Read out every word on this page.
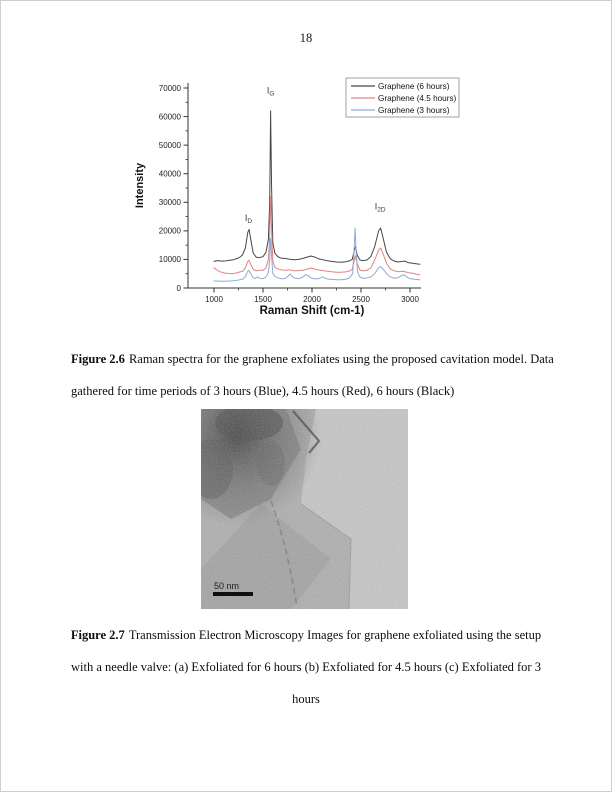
18
0
10000
20000
30000
40000
50000
60000
70000
1000	1500	2000	2500	3000
Intensity
Raman Shift (cm-1)
$I_D$
$I_G$
$I_{2D}$
Graphene (6 hours)
Graphene (4.5 hours)
Graphene (3 hours)

Figure 2.6 Raman spectra for the graphene exfoliates using the proposed cavitation model. Data
gathered for time periods of 3 hours (Blue), 4.5 hours (Red), 6 hours (Black)

50 nm

Figure 2.7 Transmission Electron Microscopy Images for graphene exfoliated using the setup
with a needle valve: (a) Exfoliated for 6 hours (b) Exfoliated for 4.5 hours (c) Exfoliated for 3
hours
